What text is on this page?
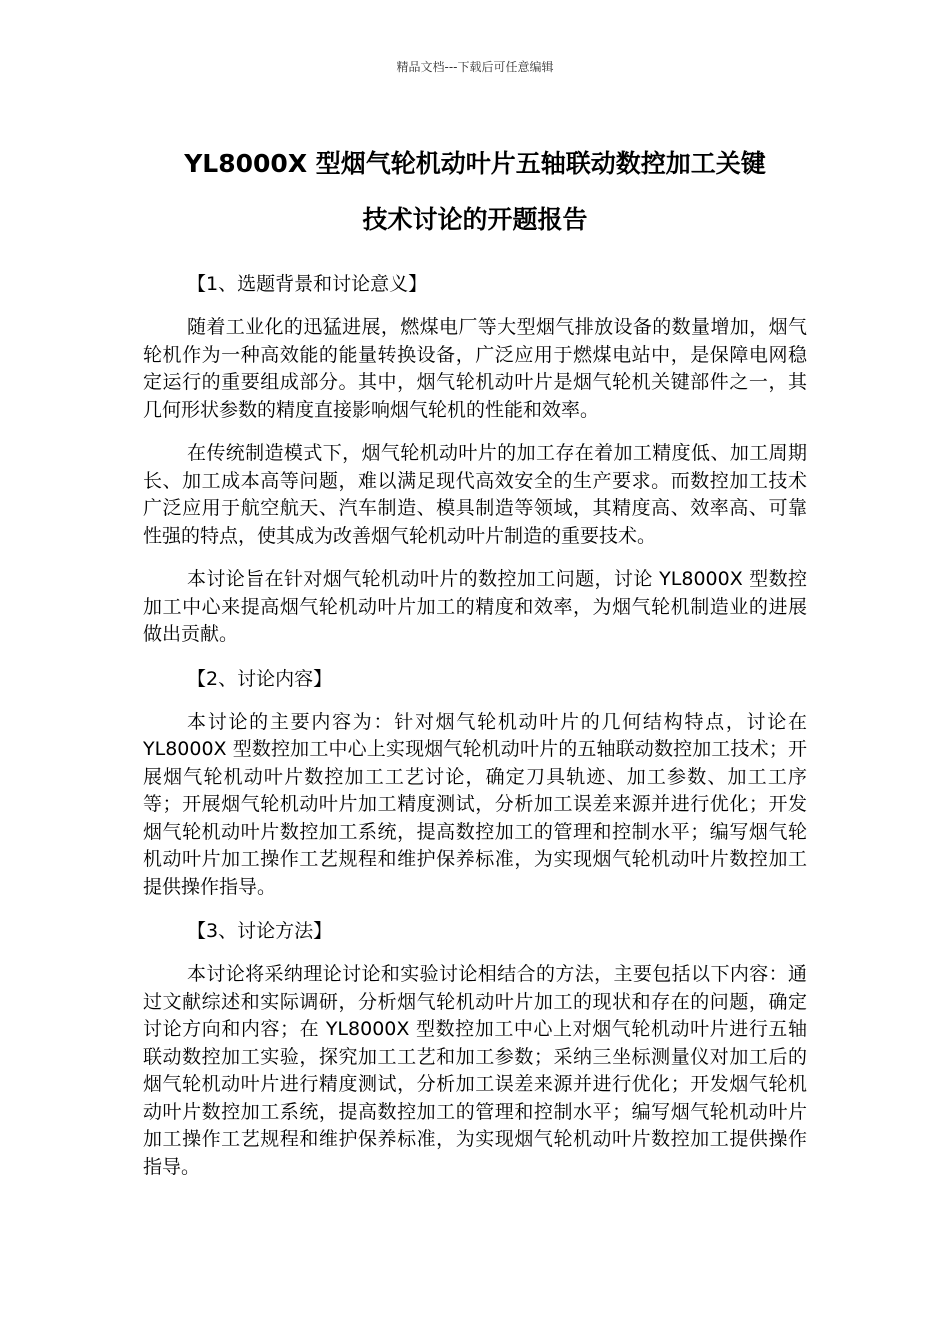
精品文档---下载后可任意编辑
YL8000X 型烟气轮机动叶片五轴联动数控加工关键
技术讨论的开题报告

【1、选题背景和讨论意义】

随着工业化的迅猛进展，燃煤电厂等大型烟气排放设备的数量增加，烟气轮机作为一种高效能的能量转换设备，广泛应用于燃煤电站中，是保障电网稳定运行的重要组成部分。其中，烟气轮机动叶片是烟气轮机关键部件之一，其几何形状参数的精度直接影响烟气轮机的性能和效率。

在传统制造模式下，烟气轮机动叶片的加工存在着加工精度低、加工周期长、加工成本高等问题，难以满足现代高效安全的生产要求。而数控加工技术广泛应用于航空航天、汽车制造、模具制造等领域，其精度高、效率高、可靠性强的特点，使其成为改善烟气轮机动叶片制造的重要技术。

本讨论旨在针对烟气轮机动叶片的数控加工问题，讨论 YL8000X 型数控加工中心来提高烟气轮机动叶片加工的精度和效率，为烟气轮机制造业的进展做出贡献。

【2、讨论内容】

本讨论的主要内容为：针对烟气轮机动叶片的几何结构特点，讨论在 YL8000X 型数控加工中心上实现烟气轮机动叶片的五轴联动数控加工技术；开展烟气轮机动叶片数控加工工艺讨论，确定刀具轨迹、加工参数、加工工序等；开展烟气轮机动叶片加工精度测试，分析加工误差来源并进行优化；开发烟气轮机动叶片数控加工系统，提高数控加工的管理和控制水平；编写烟气轮机动叶片加工操作工艺规程和维护保养标准，为实现烟气轮机动叶片数控加工提供操作指导。

【3、讨论方法】

本讨论将采纳理论讨论和实验讨论相结合的方法，主要包括以下内容：通过文献综述和实际调研，分析烟气轮机动叶片加工的现状和存在的问题，确定讨论方向和内容；在 YL8000X 型数控加工中心上对烟气轮机动叶片进行五轴联动数控加工实验，探究加工工艺和加工参数；采纳三坐标测量仪对加工后的烟气轮机动叶片进行精度测试，分析加工误差来源并进行优化；开发烟气轮机动叶片数控加工系统，提高数控加工的管理和控制水平；编写烟气轮机动叶片加工操作工艺规程和维护保养标准，为实现烟气轮机动叶片数控加工提供操作指导。
